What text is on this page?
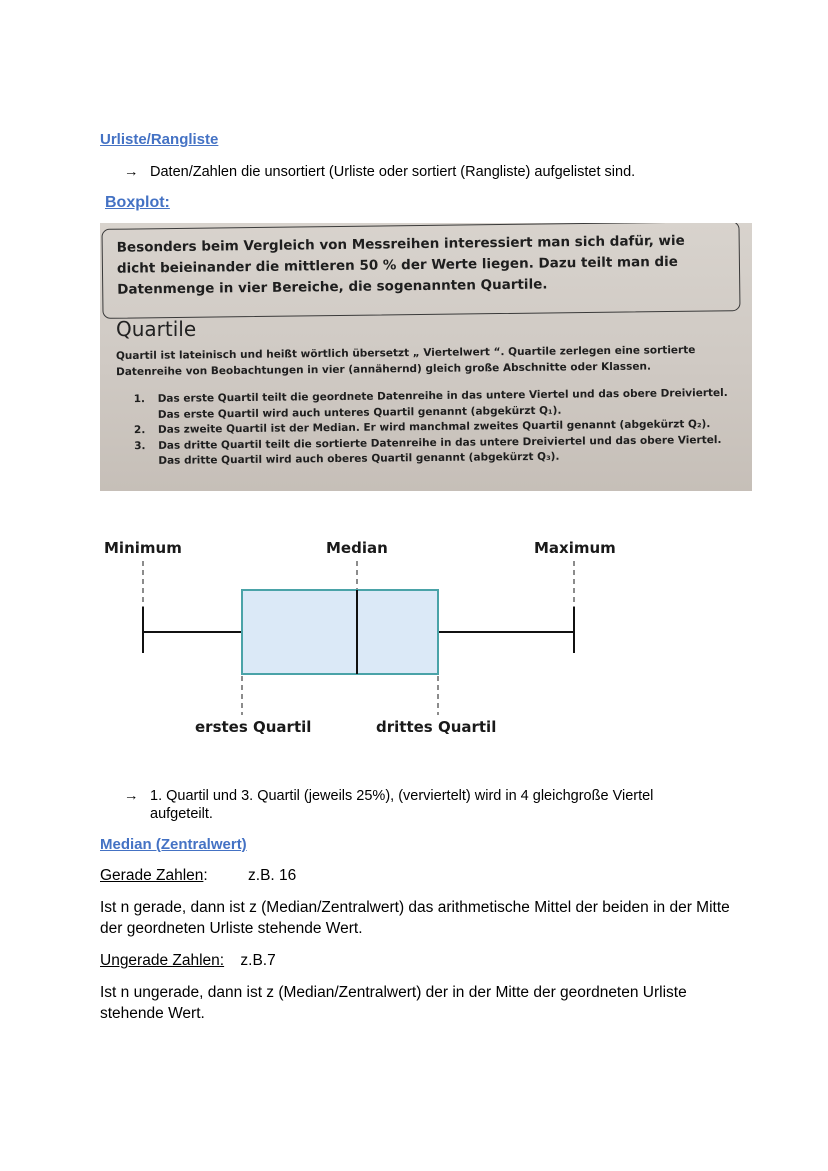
Urliste/Rangliste
→ Daten/Zahlen die unsortiert (Urliste oder sortiert (Rangliste) aufgelistet sind.
Boxplot:
Besonders beim Vergleich von Messreihen interessiert man sich dafür, wie dicht beieinander die mittleren 50 % der Werte liegen. Dazu teilt man die Datenmenge in vier Bereiche, die sogenannten Quartile.
Quartile
Quartil ist lateinisch und heißt wörtlich übersetzt „ Viertelwert “. Quartile zerlegen eine sortierte Datenreihe von Beobachtungen in vier (annähernd) gleich große Abschnitte oder Klassen.
1.	Das erste Quartil teilt die geordnete Datenreihe in das untere Viertel und das obere Dreiviertel.
Das erste Quartil wird auch unteres Quartil genannt (abgekürzt Q₁).
2.	Das zweite Quartil ist der Median. Er wird manchmal zweites Quartil genannt (abgekürzt Q₂).
3.	Das dritte Quartil teilt die sortierte Datenreihe in das untere Dreiviertel und das obere Viertel.
Das dritte Quartil wird auch oberes Quartil genannt (abgekürzt Q₃).
Minimum	Median	Maximum
erstes Quartil	drittes Quartil
→ 1. Quartil und 3. Quartil (jeweils 25%), (verviertelt) wird in 4 gleichgroße Viertel
aufgeteilt.
Median (Zentralwert)
Gerade Zahlen:	z.B. 16
Ist n gerade, dann ist z (Median/Zentralwert) das arithmetische Mittel der beiden in der Mitte der geordneten Urliste stehende Wert.
Ungerade Zahlen: z.B.7
Ist n ungerade, dann ist z (Median/Zentralwert) der in der Mitte der geordneten Urliste stehende Wert.
